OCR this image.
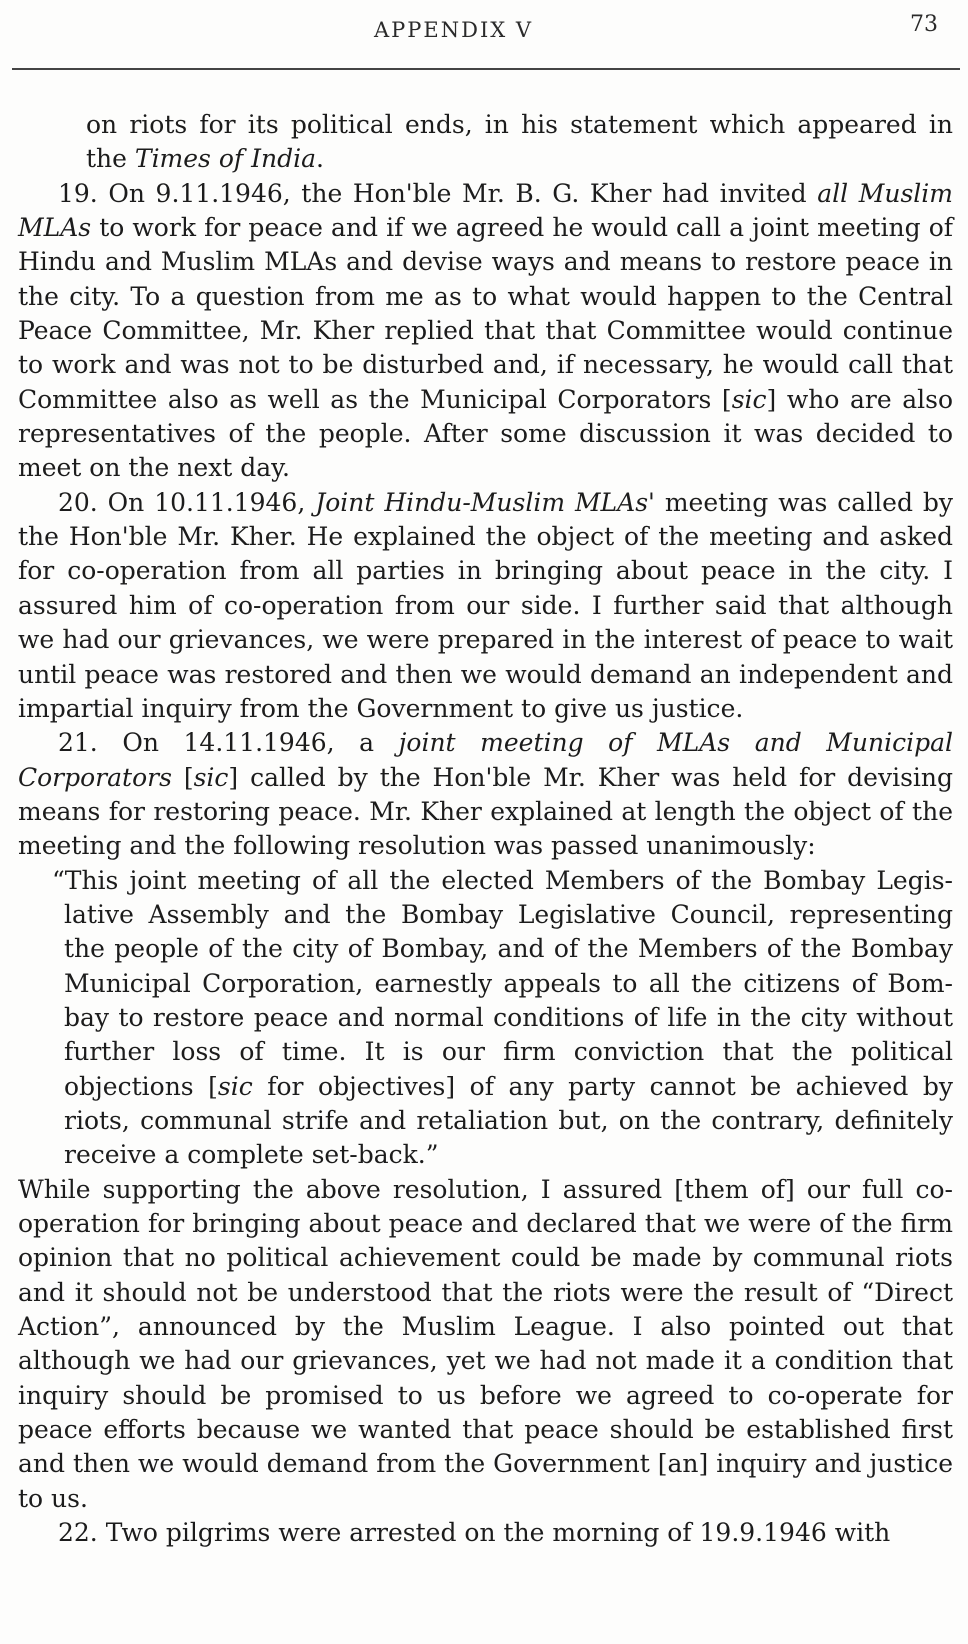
APPENDIX V	73

on riots for its political ends, in his statement which appeared in the Times of India.

19. On 9.11.1946, the Hon'ble Mr. B. G. Kher had invited all Muslim MLAs to work for peace and if we agreed he would call a joint meeting of Hindu and Muslim MLAs and devise ways and means to restore peace in the city. To a question from me as to what would happen to the Central Peace Committee, Mr. Kher replied that that Committee would continue to work and was not to be disturbed and, if necessary, he would call that Committee also as well as the Municipal Corporators [sic] who are also representatives of the people. After some discussion it was decided to meet on the next day.

20. On 10.11.1946, Joint Hindu-Muslim MLAs' meeting was called by the Hon'ble Mr. Kher. He explained the object of the meeting and asked for co-operation from all parties in bringing about peace in the city. I assured him of co-operation from our side. I further said that although we had our grievances, we were prepared in the interest of peace to wait until peace was restored and then we would demand an independent and impartial inquiry from the Government to give us justice.

21. On 14.11.1946, a joint meeting of MLAs and Municipal Corporators [sic] called by the Hon'ble Mr. Kher was held for devising means for restoring peace. Mr. Kher explained at length the object of the meeting and the following resolution was passed unanimously:

“This joint meeting of all the elected Members of the Bombay Legislative Assembly and the Bombay Legislative Council, representing the people of the city of Bombay, and of the Members of the Bombay Municipal Corporation, earnestly appeals to all the citizens of Bombay to restore peace and normal conditions of life in the city without further loss of time. It is our firm conviction that the political objections [sic for objectives] of any party cannot be achieved by riots, communal strife and retaliation but, on the contrary, definitely receive a complete set-back.”

While supporting the above resolution, I assured [them of] our full cooperation for bringing about peace and declared that we were of the firm opinion that no political achievement could be made by communal riots and it should not be understood that the riots were the result of “Direct Action”, announced by the Muslim League. I also pointed out that although we had our grievances, yet we had not made it a condition that inquiry should be promised to us before we agreed to co-operate for peace efforts because we wanted that peace should be established first and then we would demand from the Government [an] inquiry and justice to us.

22. Two pilgrims were arrested on the morning of 19.9.1946 with
